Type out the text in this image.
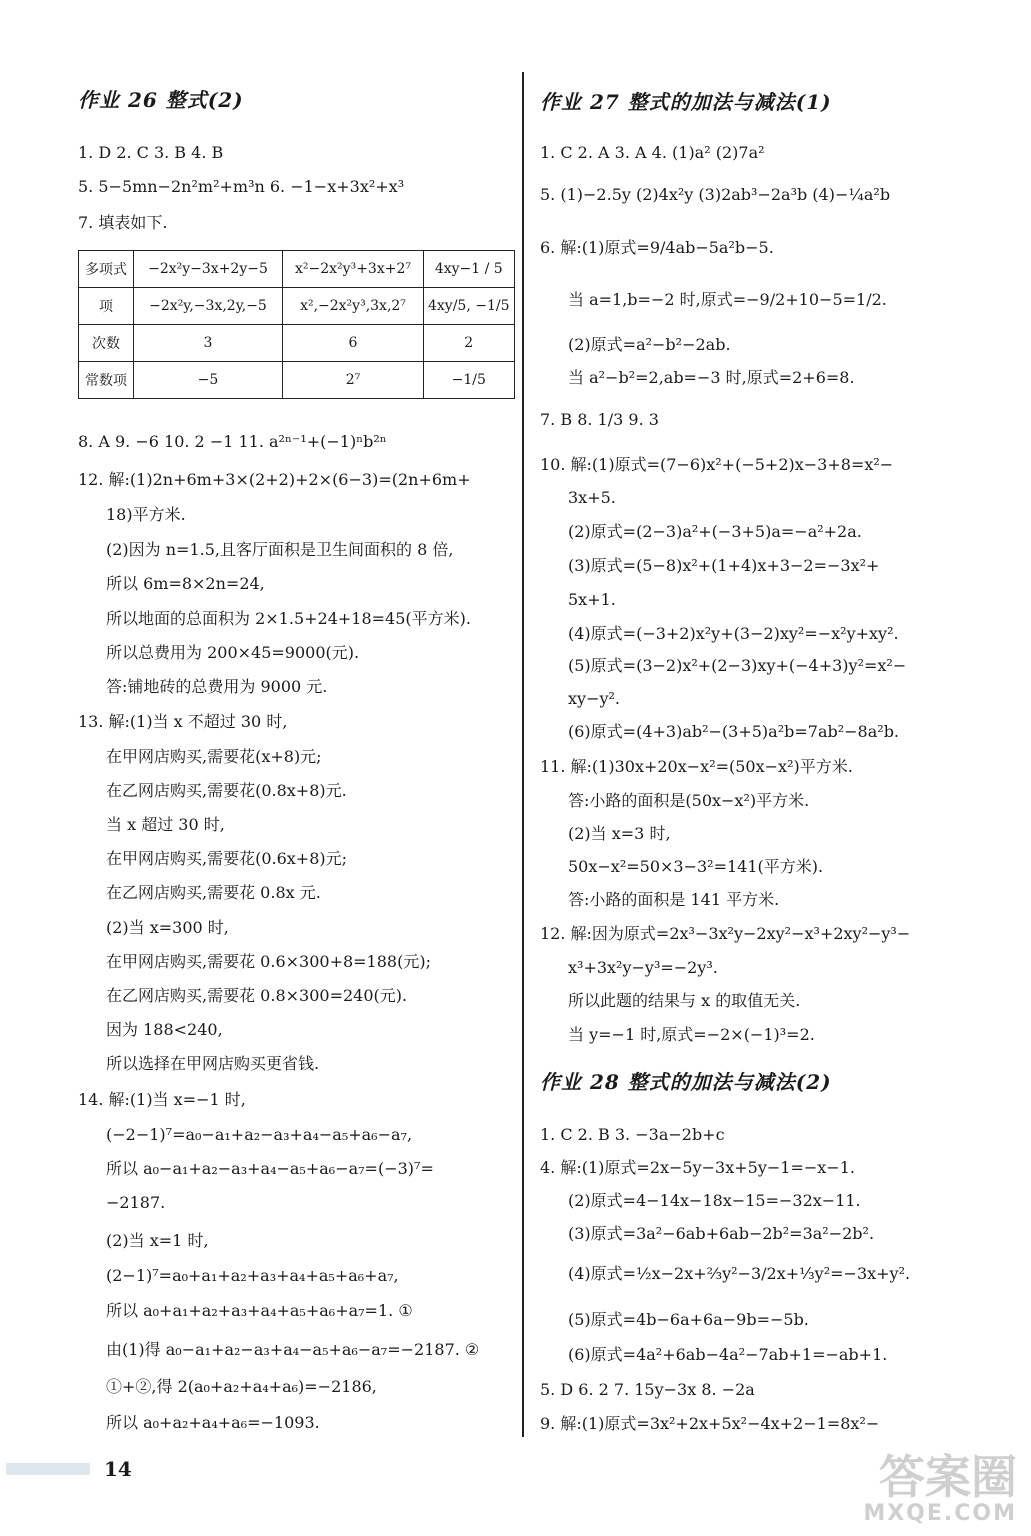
作业 26 整式(2)
1. D 2. C 3. B 4. B
5. 5−5mn−2n²m²+m³n 6. −1−x+3x²+x³
7. 填表如下.
多项式	−2x²y−3x+2y−5	x²−2x²y³+3x+2⁷	4xy−1 / 5
项	−2x²y,−3x,2y,−5	x²,−2x²y³,3x,2⁷	4xy/5, −1/5
次数	3	6	2
常数项	−5	2⁷	−1/5
8. A 9. −6 10. 2 −1 11. a²ⁿ⁻¹+(−1)ⁿb²ⁿ
12. 解:(1)2n+6m+3×(2+2)+2×(6−3)=(2n+6m+
18)平方米.
(2)因为 n=1.5,且客厅面积是卫生间面积的 8 倍,
所以 6m=8×2n=24,
所以地面的总面积为 2×1.5+24+18=45(平方米).
所以总费用为 200×45=9000(元).
答:铺地砖的总费用为 9000 元.
13. 解:(1)当 x 不超过 30 时,
在甲网店购买,需要花(x+8)元;
在乙网店购买,需要花(0.8x+8)元.
当 x 超过 30 时,
在甲网店购买,需要花(0.6x+8)元;
在乙网店购买,需要花 0.8x 元.
(2)当 x=300 时,
在甲网店购买,需要花 0.6×300+8=188(元);
在乙网店购买,需要花 0.8×300=240(元).
因为 188<240,
所以选择在甲网店购买更省钱.
14. 解:(1)当 x=−1 时,
(−2−1)⁷=a₀−a₁+a₂−a₃+a₄−a₅+a₆−a₇,
所以 a₀−a₁+a₂−a₃+a₄−a₅+a₆−a₇=(−3)⁷=
−2187.
(2)当 x=1 时,
(2−1)⁷=a₀+a₁+a₂+a₃+a₄+a₅+a₆+a₇,
所以 a₀+a₁+a₂+a₃+a₄+a₅+a₆+a₇=1. ①
由(1)得 a₀−a₁+a₂−a₃+a₄−a₅+a₆−a₇=−2187. ②
①+②,得 2(a₀+a₂+a₄+a₆)=−2186,
所以 a₀+a₂+a₄+a₆=−1093.
作业 27 整式的加法与减法(1)
1. C 2. A 3. A 4. (1)a² (2)7a²
5. (1)−2.5y (2)4x²y (3)2ab³−2a³b (4)−¼a²b
6. 解:(1)原式=9/4ab−5a²b−5.
当 a=1,b=−2 时,原式=−9/2+10−5=1/2.
(2)原式=a²−b²−2ab.
当 a²−b²=2,ab=−3 时,原式=2+6=8.
7. B 8. 1/3 9. 3
10. 解:(1)原式=(7−6)x²+(−5+2)x−3+8=x²−
3x+5.
(2)原式=(2−3)a²+(−3+5)a=−a²+2a.
(3)原式=(5−8)x²+(1+4)x+3−2=−3x²+
5x+1.
(4)原式=(−3+2)x²y+(3−2)xy²=−x²y+xy².
(5)原式=(3−2)x²+(2−3)xy+(−4+3)y²=x²−
xy−y².
(6)原式=(4+3)ab²−(3+5)a²b=7ab²−8a²b.
11. 解:(1)30x+20x−x²=(50x−x²)平方米.
答:小路的面积是(50x−x²)平方米.
(2)当 x=3 时,
50x−x²=50×3−3²=141(平方米).
答:小路的面积是 141 平方米.
12. 解:因为原式=2x³−3x²y−2xy²−x³+2xy²−y³−
x³+3x²y−y³=−2y³.
所以此题的结果与 x 的取值无关.
当 y=−1 时,原式=−2×(−1)³=2.
作业 28 整式的加法与减法(2)
1. C 2. B 3. −3a−2b+c
4. 解:(1)原式=2x−5y−3x+5y−1=−x−1.
(2)原式=4−14x−18x−15=−32x−11.
(3)原式=3a²−6ab+6ab−2b²=3a²−2b².
(4)原式=½x−2x+⅔y²−3/2x+⅓y²=−3x+y².
(5)原式=4b−6a+6a−9b=−5b.
(6)原式=4a²+6ab−4a²−7ab+1=−ab+1.
5. D 6. 2 7. 15y−3x 8. −2a
9. 解:(1)原式=3x²+2x+5x²−4x+2−1=8x²−
14	答案圈
MXQE.COM
